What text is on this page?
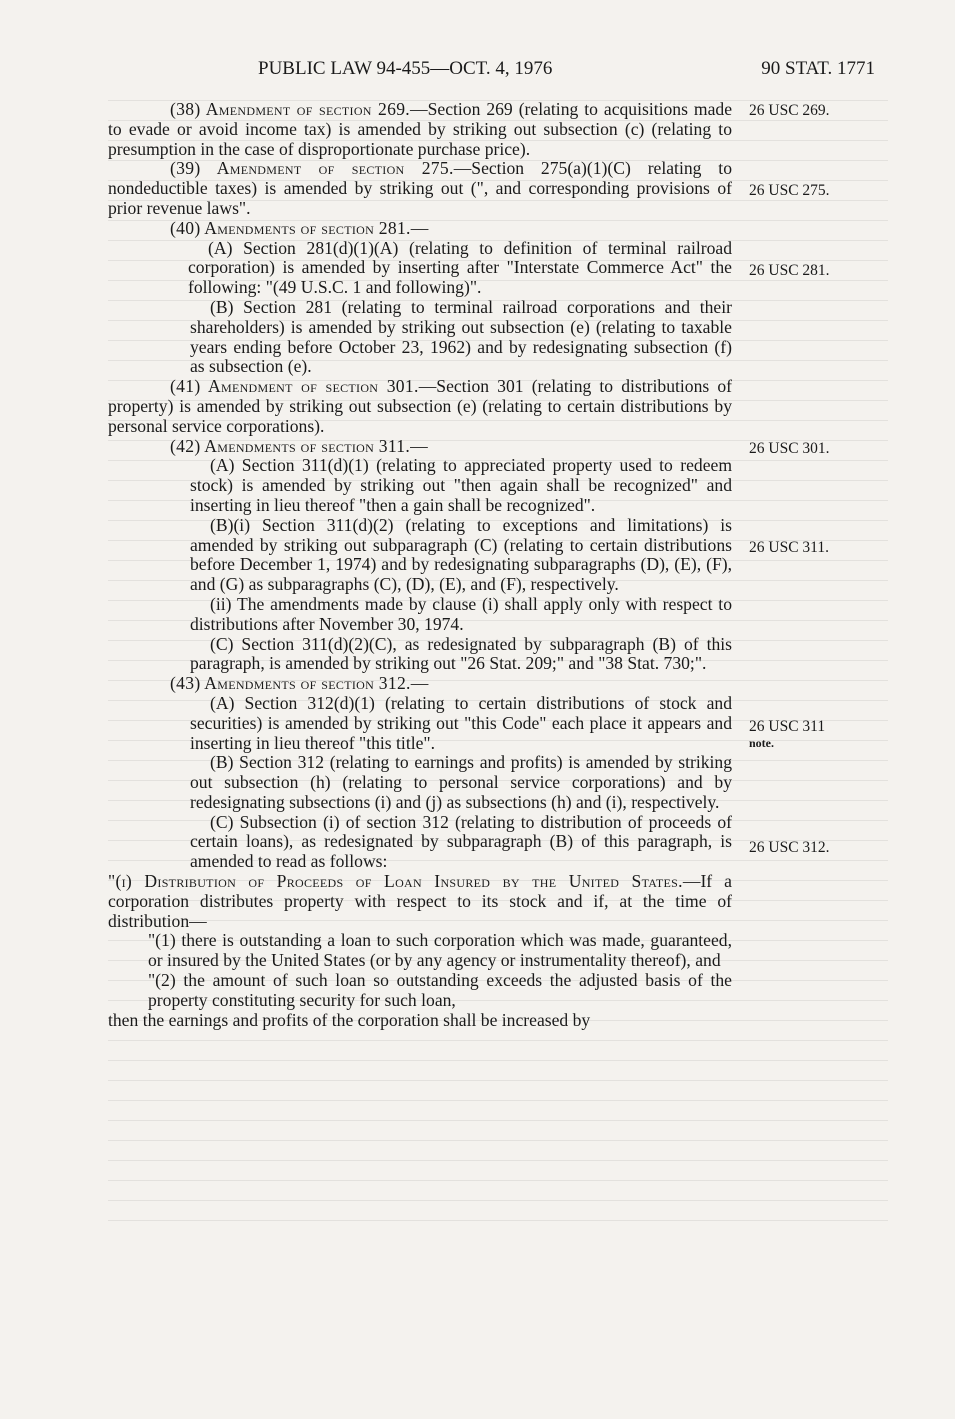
PUBLIC LAW 94-455—OCT. 4, 1976	90 STAT. 1771

(38) Amendment of section 269.—Section 269 (relating to acquisitions made to evade or avoid income tax) is amended by striking out subsection (c) (relating to presumption in the case of disproportionate purchase price).

(39) Amendment of section 275.—Section 275(a)(1)(C) relating to nondeductible taxes) is amended by striking out (", and corresponding provisions of prior revenue laws".

(40) Amendments of section 281.—

(A) Section 281(d)(1)(A) (relating to definition of terminal railroad corporation) is amended by inserting after "Interstate Commerce Act" the following: "(49 U.S.C. 1 and following)".

(B) Section 281 (relating to terminal railroad corporations and their shareholders) is amended by striking out subsection (e) (relating to taxable years ending before October 23, 1962) and by redesignating subsection (f) as subsection (e).

(41) Amendment of section 301.—Section 301 (relating to distributions of property) is amended by striking out subsection (e) (relating to certain distributions by personal service corporations).

(42) Amendments of section 311.—

(A) Section 311(d)(1) (relating to appreciated property used to redeem stock) is amended by striking out "then again shall be recognized" and inserting in lieu thereof "then a gain shall be recognized".

(B)(i) Section 311(d)(2) (relating to exceptions and limitations) is amended by striking out subparagraph (C) (relating to certain distributions before December 1, 1974) and by redesignating subparagraphs (D), (E), (F), and (G) as subparagraphs (C), (D), (E), and (F), respectively.

(ii) The amendments made by clause (i) shall apply only with respect to distributions after November 30, 1974.

(C) Section 311(d)(2)(C), as redesignated by subparagraph (B) of this paragraph, is amended by striking out "26 Stat. 209;" and "38 Stat. 730;".

(43) Amendments of section 312.—

(A) Section 312(d)(1) (relating to certain distributions of stock and securities) is amended by striking out "this Code" each place it appears and inserting in lieu thereof "this title".

(B) Section 312 (relating to earnings and profits) is amended by striking out subsection (h) (relating to personal service corporations) and by redesignating subsections (i) and (j) as subsections (h) and (i), respectively.

(C) Subsection (i) of section 312 (relating to distribution of proceeds of certain loans), as redesignated by subparagraph (B) of this paragraph, is amended to read as follows:

"(i) Distribution of Proceeds of Loan Insured by the United States.—If a corporation distributes property with respect to its stock and if, at the time of distribution—

"(1) there is outstanding a loan to such corporation which was made, guaranteed, or insured by the United States (or by any agency or instrumentality thereof), and

"(2) the amount of such loan so outstanding exceeds the adjusted basis of the property constituting security for such loan,

then the earnings and profits of the corporation shall be increased by

26 USC 269.
26 USC 275.
26 USC 281.
26 USC 301.
26 USC 311.
26 USC 311
note.
26 USC 312.
